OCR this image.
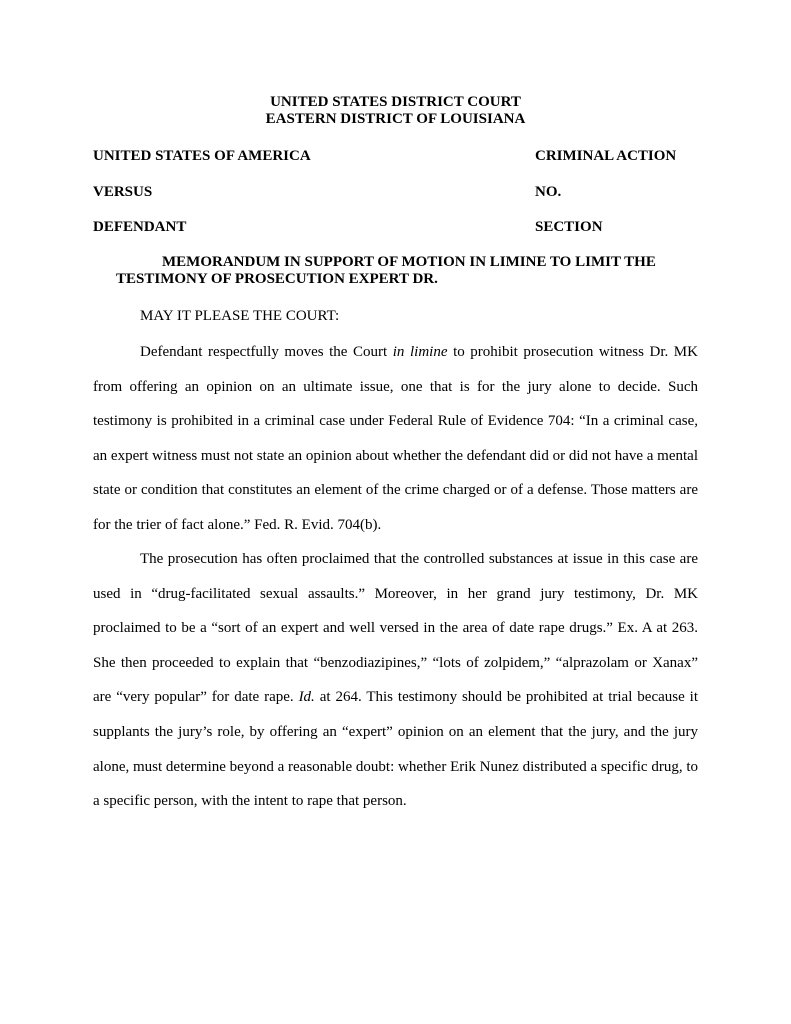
UNITED STATES DISTRICT COURT
EASTERN DISTRICT OF LOUISIANA
UNITED STATES OF AMERICA	CRIMINAL ACTION
VERSUS	NO.
DEFENDANT	SECTION
MEMORANDUM IN SUPPORT OF MOTION IN LIMINE TO LIMIT THE
TESTIMONY OF PROSECUTION EXPERT DR.
MAY IT PLEASE THE COURT:

Defendant respectfully moves the Court in limine to prohibit prosecution witness Dr. MK from offering an opinion on an ultimate issue, one that is for the jury alone to decide. Such testimony is prohibited in a criminal case under Federal Rule of Evidence 704: “In a criminal case, an expert witness must not state an opinion about whether the defendant did or did not have a mental state or condition that constitutes an element of the crime charged or of a defense. Those matters are for the trier of fact alone.” Fed. R. Evid. 704(b).

The prosecution has often proclaimed that the controlled substances at issue in this case are used in “drug-facilitated sexual assaults.” Moreover, in her grand jury testimony, Dr. MK proclaimed to be a “sort of an expert and well versed in the area of date rape drugs.” Ex. A at 263. She then proceeded to explain that “benzodiazipines,” “lots of zolpidem,” “alprazolam or Xanax” are “very popular” for date rape. Id. at 264. This testimony should be prohibited at trial because it supplants the jury’s role, by offering an “expert” opinion on an element that the jury, and the jury alone, must determine beyond a reasonable doubt: whether Erik Nunez distributed a specific drug, to a specific person, with the intent to rape that person.
